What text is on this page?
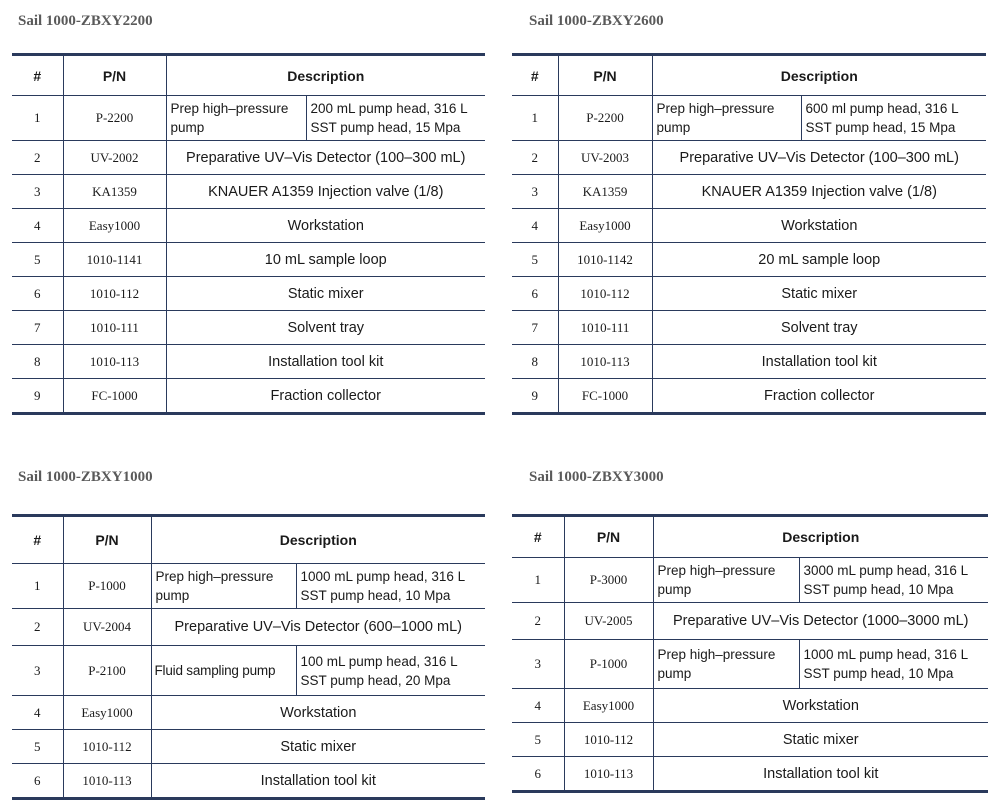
Sail 1000-ZBXY2200
#	P/N	Description	
1	P-2200	Prep high–pressure pump	200 mL pump head, 316 L SST pump head, 15 Mpa
2	UV-2002	Preparative UV–Vis Detector (100–300 mL)	
3	KA1359	KNAUER A1359 Injection valve (1/8)	
4	Easy1000	Workstation	
5	1010-1141	10 mL sample loop	
6	1010-112	Static mixer	
7	1010-111	Solvent tray	
8	1010-113	Installation tool kit	
9	FC-1000	Fraction collector	
Sail 1000-ZBXY2600
#	P/N	Description	
1	P-2200	Prep high–pressure pump	600 ml pump head, 316 L SST pump head, 15 Mpa
2	UV-2003	Preparative UV–Vis Detector (100–300 mL)	
3	KA1359	KNAUER A1359 Injection valve (1/8)	
4	Easy1000	Workstation	
5	1010-1142	20 mL sample loop	
6	1010-112	Static mixer	
7	1010-111	Solvent tray	
8	1010-113	Installation tool kit	
9	FC-1000	Fraction collector	
Sail 1000-ZBXY1000
#	P/N	Description	
1	P-1000	Prep high–pressure pump	1000 mL pump head, 316 L SST pump head, 10 Mpa
2	UV-2004	Preparative UV–Vis Detector (600–1000 mL)	
3	P-2100	Fluid sampling pump	100 mL pump head, 316 L SST pump head, 20 Mpa
4	Easy1000	Workstation	
5	1010-112	Static mixer	
6	1010-113	Installation tool kit	
Sail 1000-ZBXY3000
#	P/N	Description	
1	P-3000	Prep high–pressure pump	3000 mL pump head, 316 L SST pump head, 10 Mpa
2	UV-2005	Preparative UV–Vis Detector (1000–3000 mL)	
3	P-1000	Prep high–pressure pump	1000 mL pump head, 316 L SST pump head, 10 Mpa
4	Easy1000	Workstation	
5	1010-112	Static mixer	
6	1010-113	Installation tool kit	
